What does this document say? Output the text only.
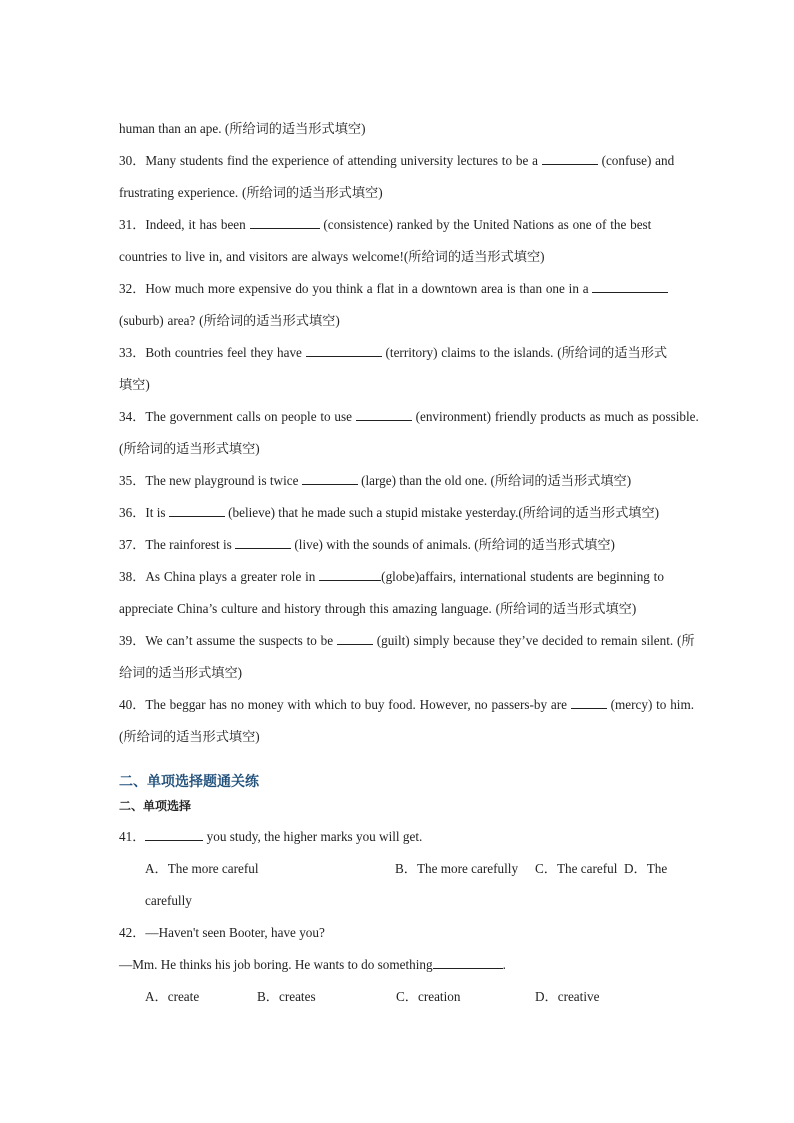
human than an ape. (所给词的适当形式填空)
30．Many students find the experience of attending university lectures to be a	(confuse) and frustrating experience. (所给词的适当形式填空)
31．Indeed, it has been	(consistence) ranked by the United Nations as one of the best countries to live in, and visitors are always welcome!(所给词的适当形式填空)
32．How much more expensive do you think a flat in a downtown area is than one in a  (suburb) area? (所给词的适当形式填空)
33．Both countries feel they have	(territory) claims to the islands. (所给词的适当形式
填空)
34．The government calls on people to use	(environment) friendly products as much as possible. (所给词的适当形式填空)
35．The new playground is twice	(large) than the old one. (所给词的适当形式填空)
36．It is	(believe) that he made such a stupid mistake yesterday.(所给词的适当形式填空)
37．The rainforest is	(live) with the sounds of animals. (所给词的适当形式填空)
38．As China plays a greater role in	(globe)affairs, international students are beginning to appreciate China’s culture and history through this amazing language. (所给词的适当形式填空)
39．We can’t assume the suspects to be	(guilt) simply because they’ve decided to remain silent. (所给词的适当形式填空)
40．The beggar has no money with which to buy food. However, no passers-by are	(mercy) to him. (所给词的适当形式填空)
二、单项选择题通关练
二、单项选择
41．	you study, the higher marks you will get.
A．The more careful	B．The more carefully C．The careful D．The
carefully
42．—Haven't seen Booter, have you?
—Mm. He thinks his job boring. He wants to do something	.
A．create	B．creates	C．creation	D．creative
